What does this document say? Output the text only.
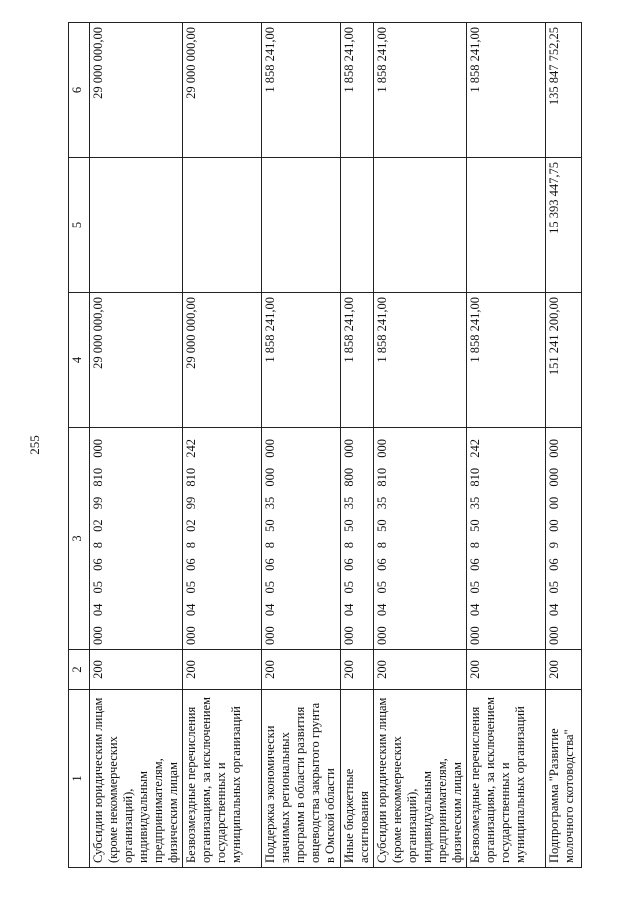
255
1	2	3	4	5	6
Субсидии юридическим лицам (кроме некоммерческих организаций), индивидуальным предпринимателям, физическим лицам	200	000 04 05 06 8 02 99 810 000	29 000 000,00		29 000 000,00
Безвозмездные перечисления организациям, за исключением государственных и муниципальных организаций	200	000 04 05 06 8 02 99 810 242	29 000 000,00		29 000 000,00
Поддержка экономически значимых региональных программ в области развития овцеводства закрытого грунта в Омской области	200	000 04 05 06 8 50 35 000 000	1 858 241,00		1 858 241,00
Иные бюджетные ассигнования	200	000 04 05 06 8 50 35 800 000	1 858 241,00		1 858 241,00
Субсидии юридическим лицам (кроме некоммерческих организаций), индивидуальным предпринимателям, физическим лицам	200	000 04 05 06 8 50 35 810 000	1 858 241,00		1 858 241,00
Безвозмездные перечисления организациям, за исключением государственных и муниципальных организаций	200	000 04 05 06 8 50 35 810 242	1 858 241,00		1 858 241,00
Подпрограмма "Развитие молочного скотоводства"	200	000 04 05 06 9 00 00 000 000	151 241 200,00	15 393 447,75	135 847 752,25
